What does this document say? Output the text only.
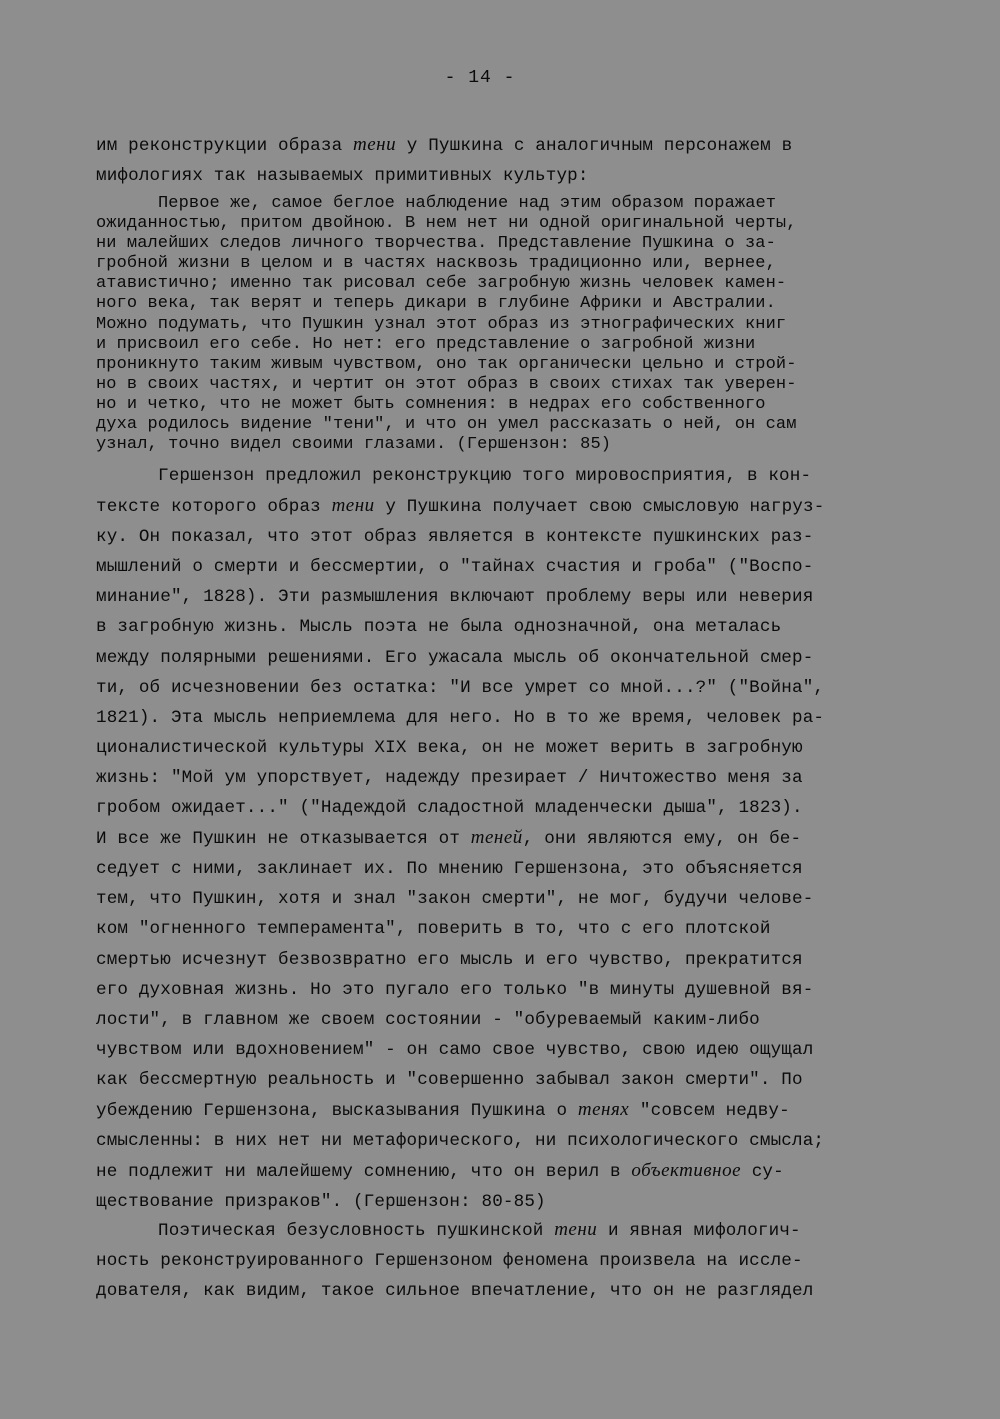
- 14 -
им реконструкции образа тени у Пушкина с аналогичным персонажем в
мифологиях так называемых примитивных культур:
Первое же, самое беглое наблюдение над этим образом поражает
ожиданностью, притом двойною. В нем нет ни одной оригинальной черты,
ни малейших следов личного творчества. Представление Пушкина о за-
гробной жизни в целом и в частях насквозь традиционно или, вернее,
атавистично; именно так рисовал себе загробную жизнь человек камен-
ного века, так верят и теперь дикари в глубине Африки и Австралии.
Можно подумать, что Пушкин узнал этот образ из этнографических книг
и присвоил его себе. Но нет: его представление о загробной жизни
проникнуто таким живым чувством, оно так органически цельно и строй-
но в своих частях, и чертит он этот образ в своих стихах так уверен-
но и четко, что не может быть сомнения: в недрах его собственного
духа родилось видение "тени", и что он умел рассказать о ней, он сам
узнал, точно видел своими глазами. (Гершензон: 85)
Гершензон предложил реконструкцию того мировосприятия, в кон-
тексте которого образ тени у Пушкина получает свою смысловую нагруз-
ку. Он показал, что этот образ является в контексте пушкинских раз-
мышлений о смерти и бессмертии, о "тайнах счастия и гроба" ("Воспо-
минание", 1828). Эти размышления включают проблему веры или неверия
в загробную жизнь. Мысль поэта не была однозначной, она металась
между полярными решениями. Его ужасала мысль об окончательной смер-
ти, об исчезновении без остатка: "И все умрет со мной...?" ("Война",
1821). Эта мысль неприемлема для него. Но в то же время, человек ра-
ционалистической культуры XIX века, он не может верить в загробную
жизнь: "Мой ум упорствует, надежду презирает / Ничтожество меня за
гробом ожидает..." ("Надеждой сладостной младенчески дыша", 1823).
И все же Пушкин не отказывается от теней, они являются ему, он бе-
седует с ними, заклинает их. По мнению Гершензона, это объясняется
тем, что Пушкин, хотя и знал "закон смерти", не мог, будучи челове-
ком "огненного темперамента", поверить в то, что с его плотской
смертью исчезнут безвозвратно его мысль и его чувство, прекратится
его духовная жизнь. Но это пугало его только "в минуты душевной вя-
лости", в главном же своем состоянии - "обуреваемый каким-либо
чувством или вдохновением" - он само свое чувство, свою идею ощущал
как бессмертную реальность и "совершенно забывал закон смерти". По
убеждению Гершензона, высказывания Пушкина о тенях "совсем недву-
смысленны: в них нет ни метафорического, ни психологического смысла;
не подлежит ни малейшему сомнению, что он верил в объективное су-
ществование призраков". (Гершензон: 80-85)
Поэтическая безусловность пушкинской тени и явная мифологич-
ность реконструированного Гершензоном феномена произвела на иссле-
дователя, как видим, такое сильное впечатление, что он не разглядел
